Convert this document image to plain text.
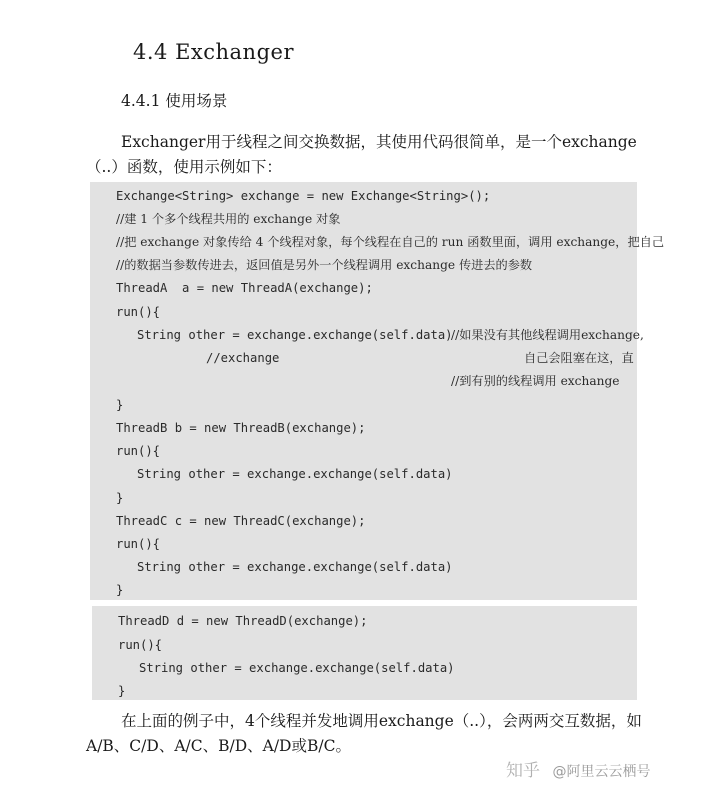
4.4 Exchanger
4.4.1 使用场景

Exchanger用于线程之间交换数据，其使用代码很简单，是一个exchange（..）函数，使用示例如下：

Exchange<String> exchange = new Exchange<String>();
//建 1 个多个线程共用的 exchange 对象
//把 exchange 对象传给 4 个线程对象，每个线程在自己的 run 函数里面，调用 exchange，把自己
//的数据当参数传进去，返回值是另外一个线程调用 exchange 传进去的参数
ThreadA  a = new ThreadA(exchange);
run(){
String other = exchange.exchange(self.data)
//如果没有其他线程调用exchange,
//exchange	自己会阻塞在这，直
//到有别的线程调用 exchange
}
ThreadB b = new ThreadB(exchange);
run(){
String other = exchange.exchange(self.data)
}
ThreadC c = new ThreadC(exchange);
run(){
String other = exchange.exchange(self.data)
}
ThreadD d = new ThreadD(exchange);
run(){
String other = exchange.exchange(self.data)
}

在上面的例子中，4个线程并发地调用exchange（..），会两两交互数据，如A/B、C/D、A/C、B/D、A/D或B/C。

知乎 @阿里云云栖号
